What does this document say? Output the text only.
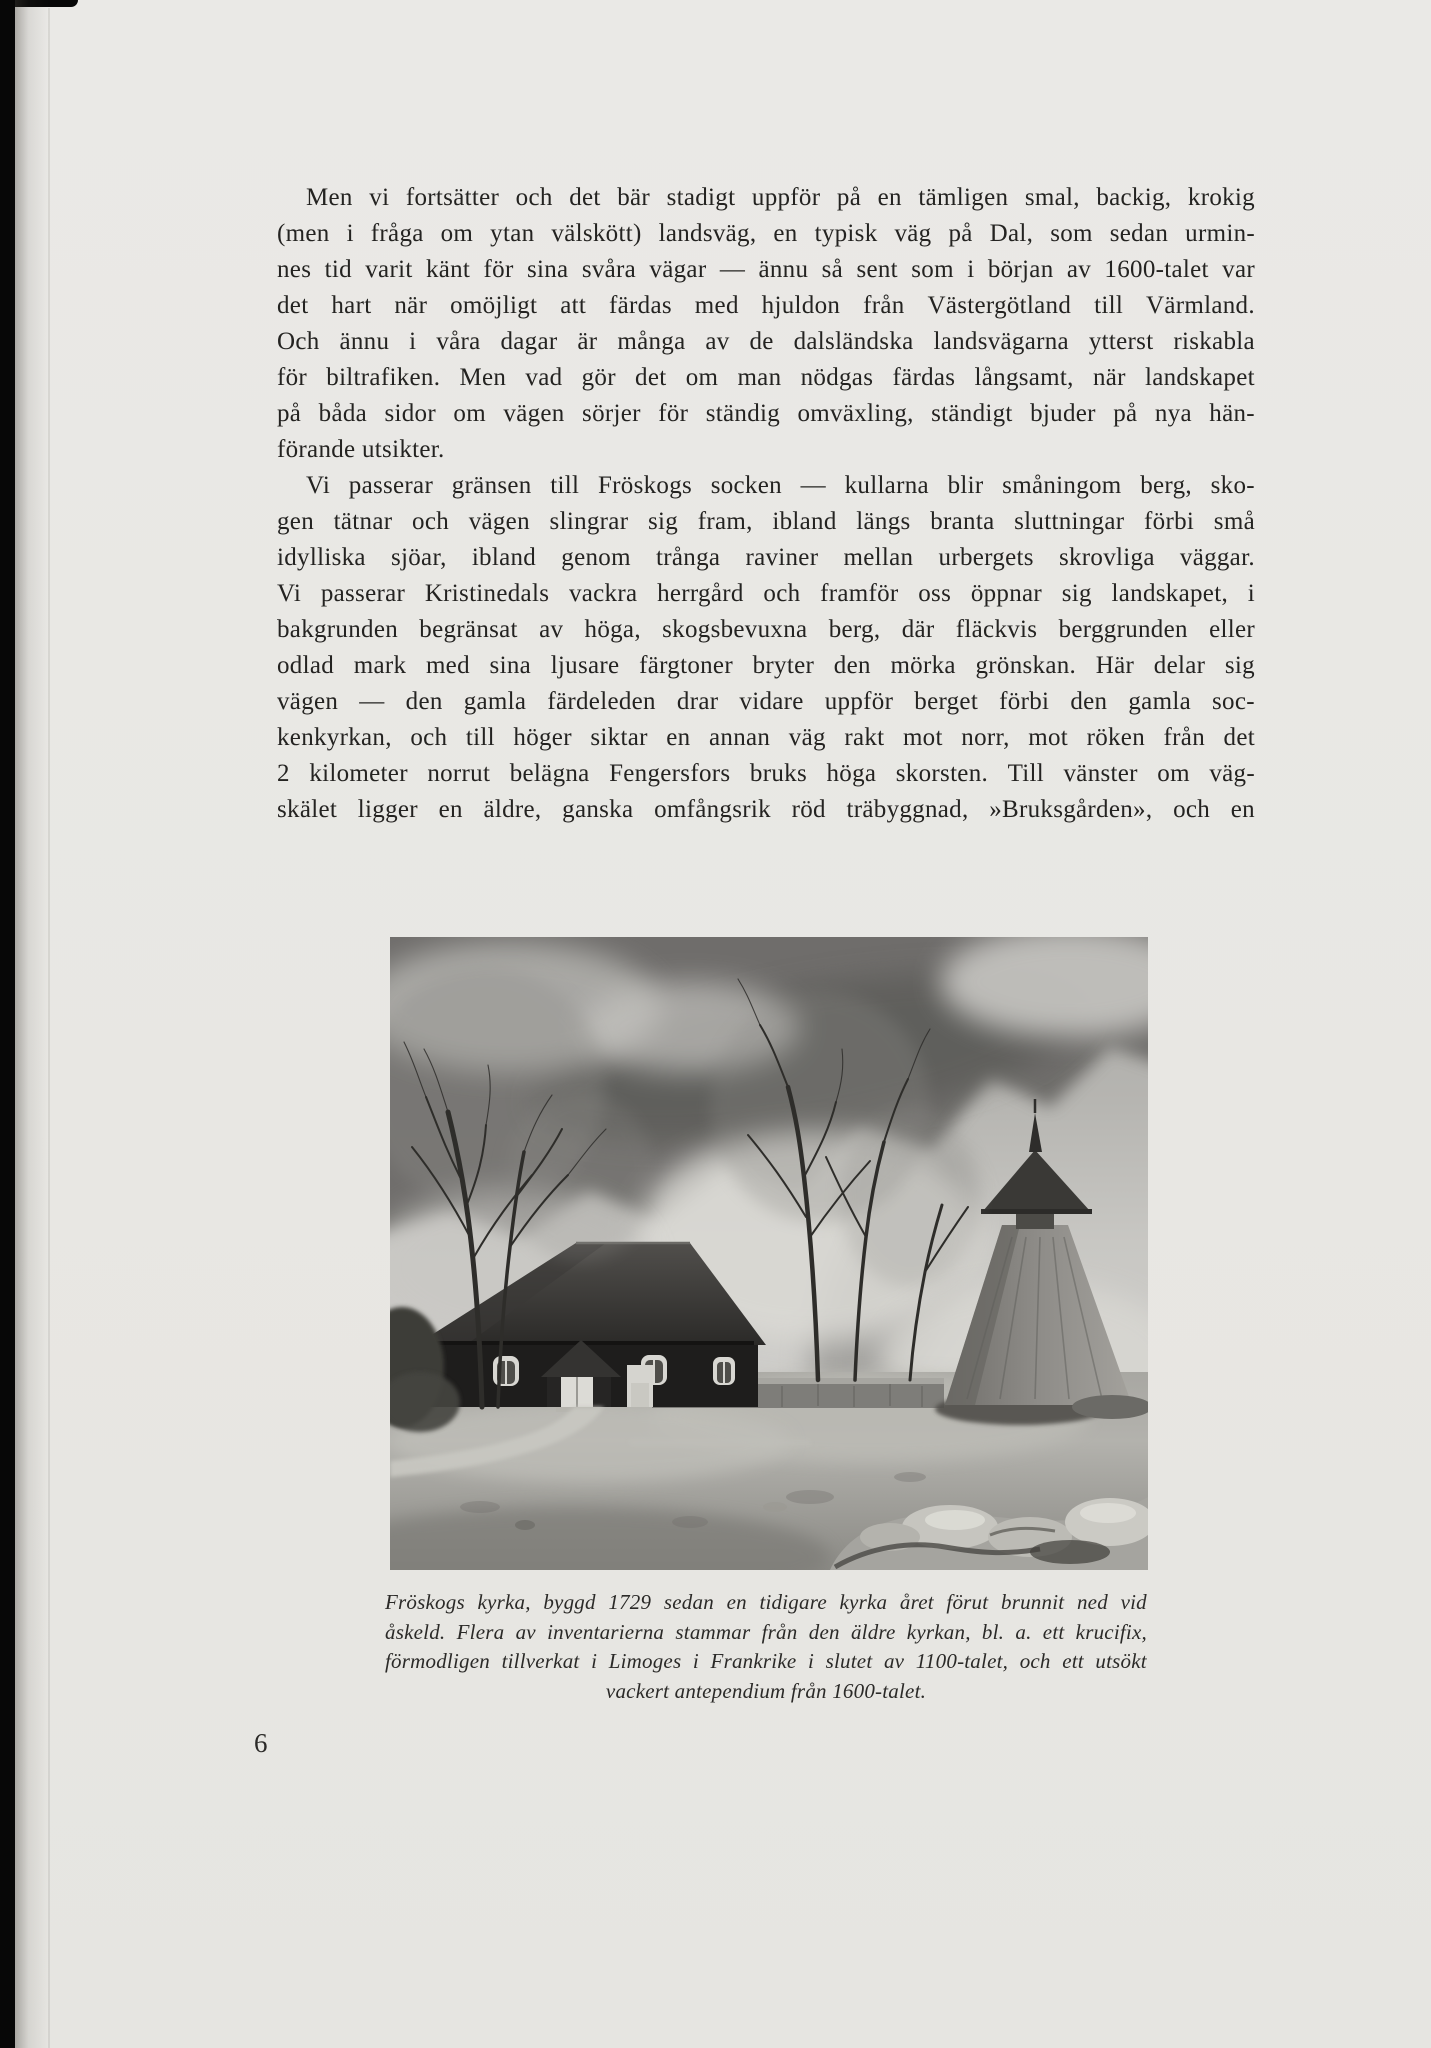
Men vi fortsätter och det bär stadigt uppför på en tämligen smal, backig, krokig
(men i fråga om ytan välskött) landsväg, en typisk väg på Dal, som sedan urmin-
nes tid varit känt för sina svåra vägar — ännu så sent som i början av 1600-talet var
det hart när omöjligt att färdas med hjuldon från Västergötland till Värmland.
Och ännu i våra dagar är många av de dalsländska landsvägarna ytterst riskabla
för biltrafiken. Men vad gör det om man nödgas färdas långsamt, när landskapet
på båda sidor om vägen sörjer för ständig omväxling, ständigt bjuder på nya hän-
förande utsikter.
Vi passerar gränsen till Fröskogs socken — kullarna blir småningom berg, sko-
gen tätnar och vägen slingrar sig fram, ibland längs branta sluttningar förbi små
idylliska sjöar, ibland genom trånga raviner mellan urbergets skrovliga väggar.
Vi passerar Kristinedals vackra herrgård och framför oss öppnar sig landskapet, i
bakgrunden begränsat av höga, skogsbevuxna berg, där fläckvis berggrunden eller
odlad mark med sina ljusare färgtoner bryter den mörka grönskan. Här delar sig
vägen — den gamla färdeleden drar vidare uppför berget förbi den gamla soc-
kenkyrkan, och till höger siktar en annan väg rakt mot norr, mot röken från det
2 kilometer norrut belägna Fengersfors bruks höga skorsten. Till vänster om väg-
skälet ligger en äldre, ganska omfångsrik röd träbyggnad, »Bruksgården», och en
Fröskogs kyrka, byggd 1729 sedan en tidigare kyrka året förut brunnit ned vid
åskeld. Flera av inventarierna stammar från den äldre kyrkan, bl. a. ett krucifix,
förmodligen tillverkat i Limoges i Frankrike i slutet av 1100-talet, och ett utsökt
vackert antependium från 1600-talet.
6
